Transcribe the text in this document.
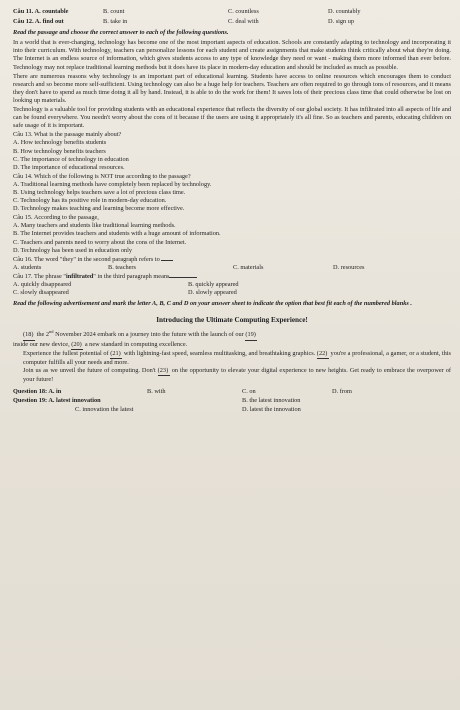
Câu 11. A. countable	B. count	C. countless	D. countably
Câu 12. A. find out	B. take in	C. deal with	D. sign up
Read the passage and choose the correct answer to each of the following questions.
In a world that is ever-changing, technology has become one of the most important aspects of education. Schools are constantly adapting to technology and incorporating it into their curriculum. With technology, teachers can personalize lessons for each student and create assignments that make students think critically about what they're doing. The Internet is an endless source of information, which gives students access to any type of knowledge they need or want - making them more informed than ever before. Technology may not replace traditional learning methods but it does have its place in modern-day education and should be included as much as possible.
There are numerous reasons why technology is an important part of educational learning. Students have access to online resources which encourages them to conduct research and so become more self-sufficient. Using technology can also be a huge help for teachers. Teachers are often required to go through tons of resources, and it means they don't have to spend as much time doing it all by hand. Instead, it is able to do the work for them! It saves lots of their precious class time that could otherwise be lost on looking up materials.
Technology is a valuable tool for providing students with an educational experience that reflects the diversity of our global society. It has infiltrated into all aspects of life and can be found everywhere. You needn't worry about the cons of it because if the users are using it appropriately it's all fine. So as teachers and parents, educating children on safe usage of it is important.
Câu 13. What is the passage mainly about?
A. How technology benefits students
B. How technology benefits teachers
C. The importance of technology in education
D. The importance of educational resources.
Câu 14. Which of the following is NOT true according to the passage?
A. Traditional learning methods have completely been replaced by technology.
B. Using technology helps teachers save a lot of precious class time.
C. Technology has its positive role in modern-day education.
D. Technology makes teaching and learning become more effective.
Câu 15. According to the passage,
A. Many teachers and students like traditional learning methods.
B. The Internet provides teachers and students with a huge amount of information.
C. Teachers and parents need to worry about the cons of the Internet.
D. Technology has been used in education only
Câu 16. The word "they" in the second paragraph refers to
A. students	B. teachers	C. materials	D. resources
Câu 17. The phrase "infiltrated" in the third paragraph means
A. quickly disappeared	B. quickly appeared
C. slowly disappeared	D. slowly appeared
Read the following advertisement and mark the letter A, B, C and D on your answer sheet to indicate the option that best fit each of the numbered blanks .
Introducing the Ultimate Computing Experience!
(18) the 2nd November 2024 embark on a journey into the future with the launch of our (19)
inside our new device, (20) a new standard in computing excellence.
Experience the fullest potential of (21) with lightning-fast speed, seamless multitasking, and breathtaking graphics. (22) you're a professional, a gamer, or a student, this computer fulfills all your needs and more.
Join us as we unveil the future of computing. Don't (23) on the opportunity to elevate your digital experience to new heights. Get ready to embrace the overpower of your future!
Question 18: A. in	B. with	C. on	D. from
Question 19: A. latest innovation	B. the latest innovation
C. innovation the latest	D. latest the innovation
